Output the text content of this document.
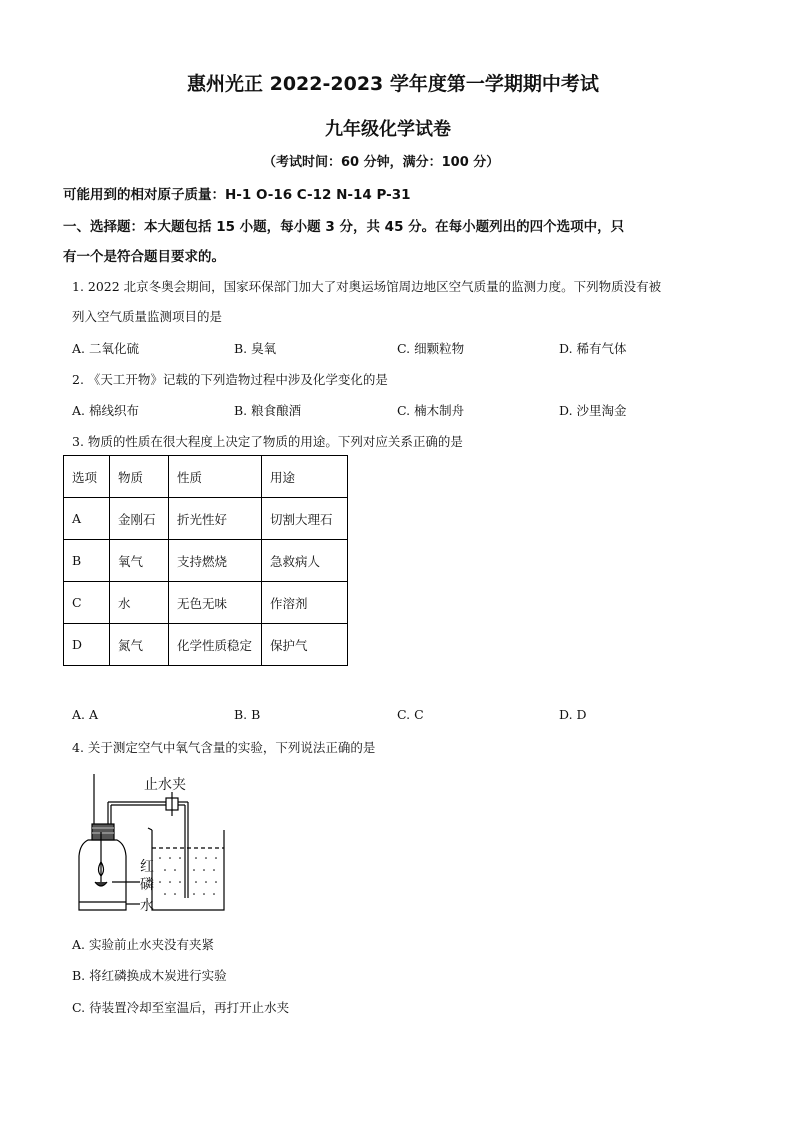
惠州光正 2022-2023 学年度第一学期期中考试
九年级化学试卷
（考试时间：60 分钟，满分：100 分）
可能用到的相对原子质量：H-1 O-16 C-12 N-14 P-31
一、选择题：本大题包括 15 小题，每小题 3 分，共 45 分。在每小题列出的四个选项中，只
有一个是符合题目要求的。
1. 2022 北京冬奥会期间，国家环保部门加大了对奥运场馆周边地区空气质量的监测力度。下列物质没有被
列入空气质量监测项目的是
A. 二氧化硫	B. 臭氧	C. 细颗粒物	D. 稀有气体
2. 《天工开物》记载的下列造物过程中涉及化学变化的是
A. 棉线织布	B. 粮食酿酒	C. 楠木制舟	D. 沙里淘金
3. 物质的性质在很大程度上决定了物质的用途。下列对应关系正确的是
选项	物质	性质	用途
A	金刚石	折光性好	切割大理石
B	氧气	支持燃烧	急救病人
C	水	无色无味	作溶剂
D	氮气	化学性质稳定	保护气
A. A	B. B	C. C	D. D
4. 关于测定空气中氧气含量的实验，下列说法正确的是
止水夹
红
磷
水
A. 实验前止水夹没有夹紧
B. 将红磷换成木炭进行实验
C. 待装置冷却至室温后，再打开止水夹
